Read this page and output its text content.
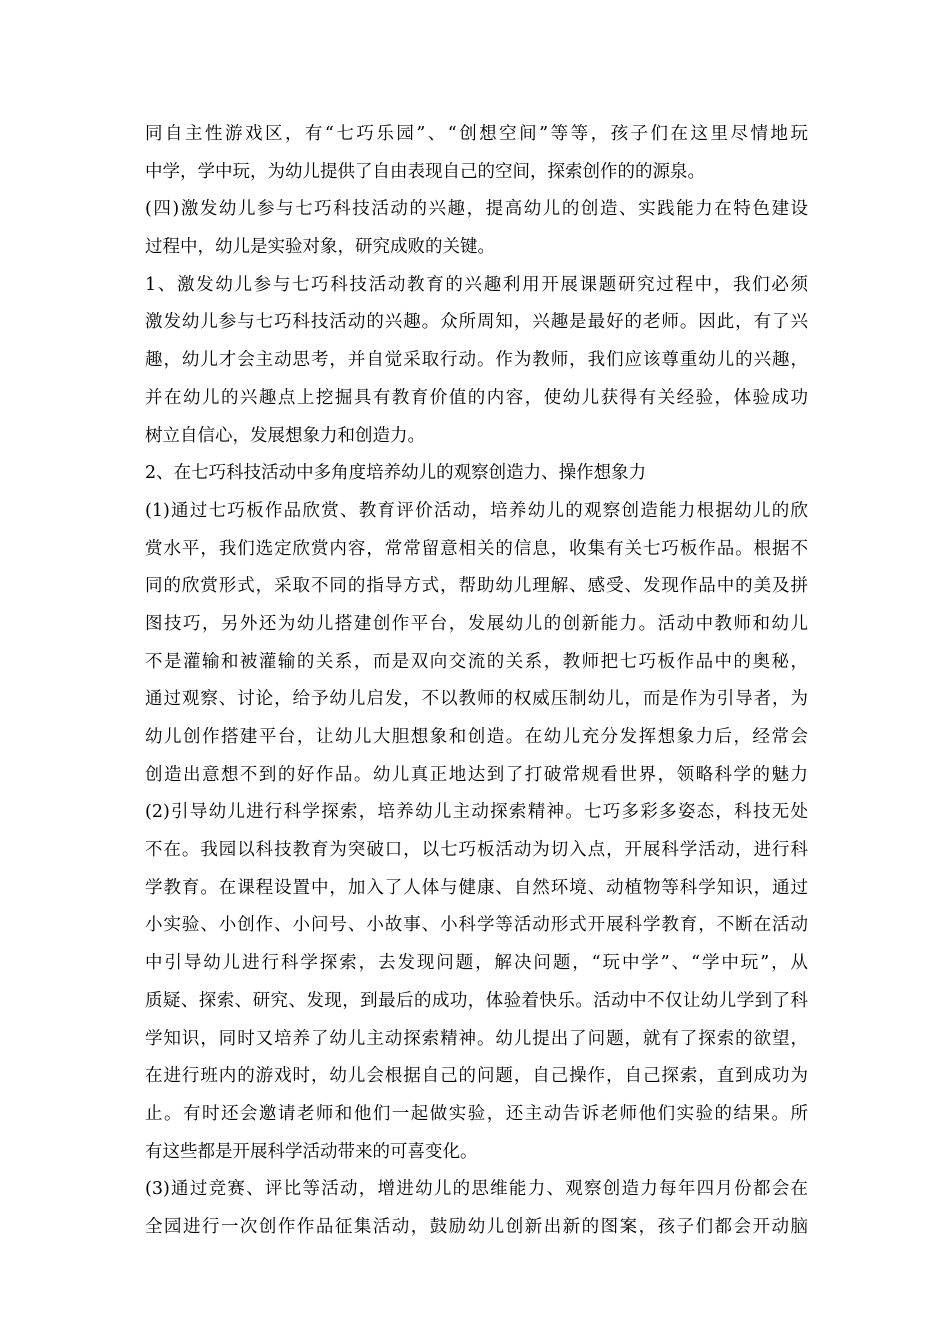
同自主性游戏区，有“七巧乐园”、“创想空间”等等，孩子们在这里尽情地玩
中学，学中玩，为幼儿提供了自由表现自己的空间，探索创作的的源泉。
(四)激发幼儿参与七巧科技活动的兴趣，提高幼儿的创造、实践能力在特色建设
过程中，幼儿是实验对象，研究成败的关键。
1、激发幼儿参与七巧科技活动教育的兴趣利用开展课题研究过程中，我们必须
激发幼儿参与七巧科技活动的兴趣。众所周知，兴趣是最好的老师。因此，有了兴
趣，幼儿才会主动思考，并自觉采取行动。作为教师，我们应该尊重幼儿的兴趣，
并在幼儿的兴趣点上挖掘具有教育价值的内容，使幼儿获得有关经验，体验成功
树立自信心，发展想象力和创造力。
2、在七巧科技活动中多角度培养幼儿的观察创造力、操作想象力
(1)通过七巧板作品欣赏、教育评价活动，培养幼儿的观察创造能力根据幼儿的欣
赏水平，我们选定欣赏内容，常常留意相关的信息，收集有关七巧板作品。根据不
同的欣赏形式，采取不同的指导方式，帮助幼儿理解、感受、发现作品中的美及拼
图技巧，另外还为幼儿搭建创作平台，发展幼儿的创新能力。活动中教师和幼儿
不是灌输和被灌输的关系，而是双向交流的关系，教师把七巧板作品中的奥秘，
通过观察、讨论，给予幼儿启发，不以教师的权威压制幼儿，而是作为引导者，为
幼儿创作搭建平台，让幼儿大胆想象和创造。在幼儿充分发挥想象力后，经常会
创造出意想不到的好作品。幼儿真正地达到了打破常规看世界，领略科学的魅力
(2)引导幼儿进行科学探索，培养幼儿主动探索精神。七巧多彩多姿态，科技无处
不在。我园以科技教育为突破口，以七巧板活动为切入点，开展科学活动，进行科
学教育。在课程设置中，加入了人体与健康、自然环境、动植物等科学知识，通过
小实验、小创作、小问号、小故事、小科学等活动形式开展科学教育，不断在活动
中引导幼儿进行科学探索，去发现问题，解决问题，“玩中学”、“学中玩”，从
质疑、探索、研究、发现，到最后的成功，体验着快乐。活动中不仅让幼儿学到了科
学知识，同时又培养了幼儿主动探索精神。幼儿提出了问题，就有了探索的欲望，
在进行班内的游戏时，幼儿会根据自己的问题，自己操作，自己探索，直到成功为
止。有时还会邀请老师和他们一起做实验，还主动告诉老师他们实验的结果。所
有这些都是开展科学活动带来的可喜变化。
(3)通过竞赛、评比等活动，增进幼儿的思维能力、观察创造力每年四月份都会在
全园进行一次创作作品征集活动，鼓励幼儿创新出新的图案，孩子们都会开动脑
